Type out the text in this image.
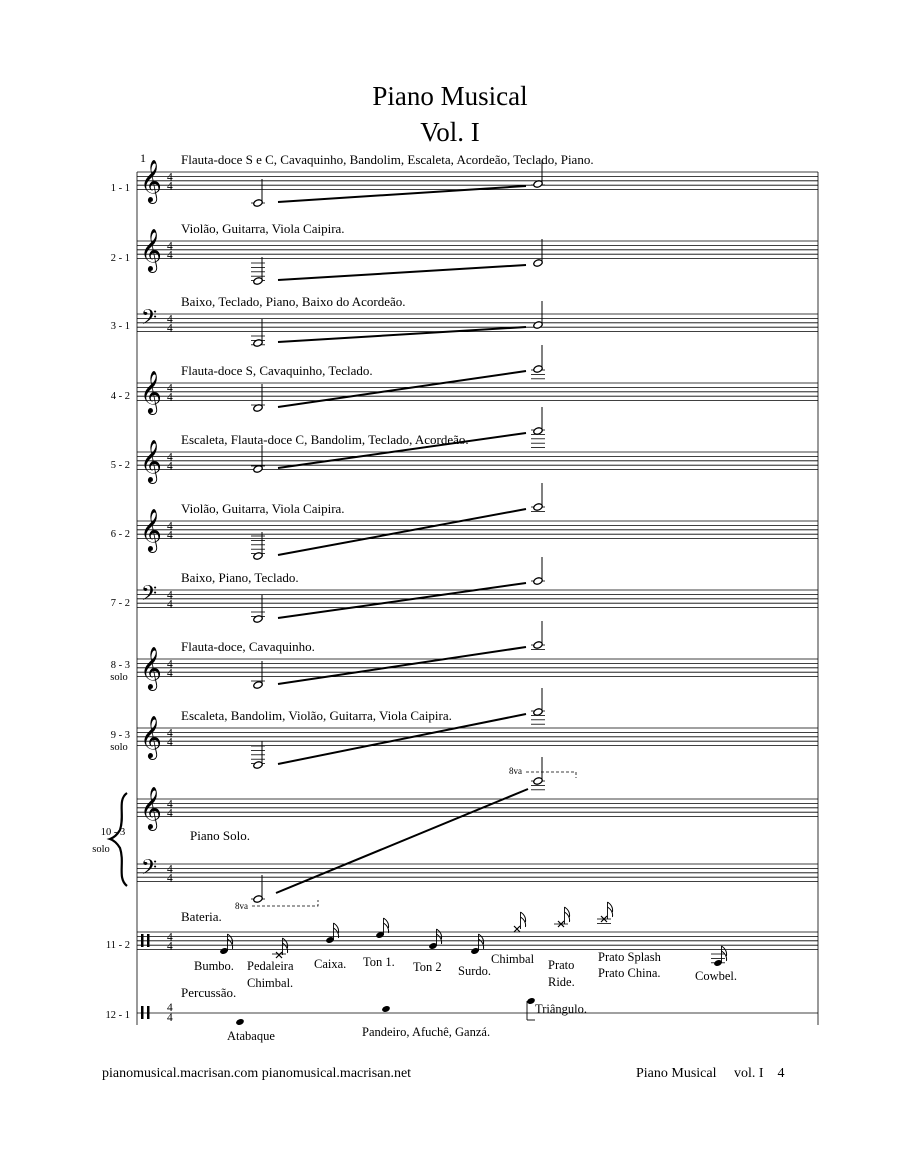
Piano Musical
Vol. I
1
𝄞 4
4
1 - 1
Flauta-doce S e C, Cavaquinho, Bandolim, Escaleta, Acordeão, Teclado, Piano.
𝄞 4
4
2 - 1
Violão, Guitarra, Viola Caipira.
𝄢 4
4
3 - 1
Baixo, Teclado, Piano, Baixo do Acordeão.
𝄞 4
4
4 - 2
Flauta-doce S, Cavaquinho, Teclado.
𝄞 4
4
5 - 2
Escaleta, Flauta-doce C, Bandolim, Teclado, Acordeão.
𝄞 4
4
6 - 2
Violão, Guitarra, Viola Caipira.
𝄢 4
4
7 - 2
Baixo, Piano, Teclado.
𝄞 4
4
8 - 3
solo
Flauta-doce, Cavaquinho.
𝄞 4
4
9 - 3
solo
Escaleta, Bandolim, Violão, Guitarra, Viola Caipira.
𝄞
𝄢
4
4
4
4
10 - 3
solo
Piano Solo.
8va
8va
4
4
11 - 2
Bateria.
Bumbo. Pedaleira
Chimbal.
Caixa. Ton 1. Ton 2 Surdo.
Chimbal Prato
Ride.
Prato Splash
Prato China.	Cowbel.
4
4
12 - 1
Percussão.
Atabaque	Pandeiro, Afuchê, Ganzá.
Triângulo.
pianomusical.macrisan.com pianomusical.macrisan.net	Piano Musical     vol. I    4
